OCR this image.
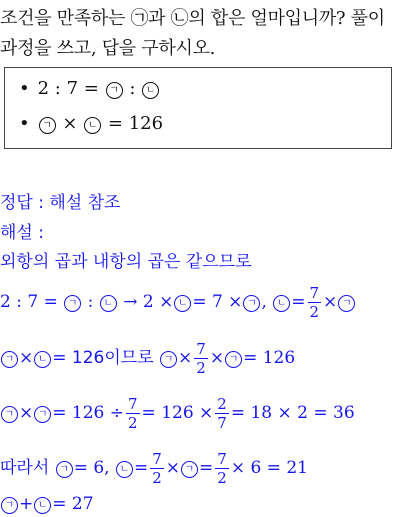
조건을 만족하는 ㉠과 ㉡의 합은 얼마입니까? 풀이
과정을 쓰고, 답을 구하시오.
• 2 : 7 = ㄱ : ㄴ
• ㄱ × ㄴ = 126
정답 : 해설 참조
해설 :
외항의 곱과 내항의 곱은 같으므로
2 : 7 = ㄱ : ㄴ → 2 × ㄴ = 7 × ㄱ , ㄴ = $\frac{7}{2}$ × ㄱ
ㄱ × ㄴ = 126이므로 ㄱ × $\frac{7}{2}$ × ㄱ = 126
ㄱ × ㄱ = $126 \div \frac{7}{2} = 126 \times \frac{2}{7} = 18 \times 2 = 36$
따라서 ㄱ = 6, ㄴ = $\frac{7}{2}$ × ㄱ = $\frac{7}{2} \times 6 = 21$
ㄱ + ㄴ = 27
